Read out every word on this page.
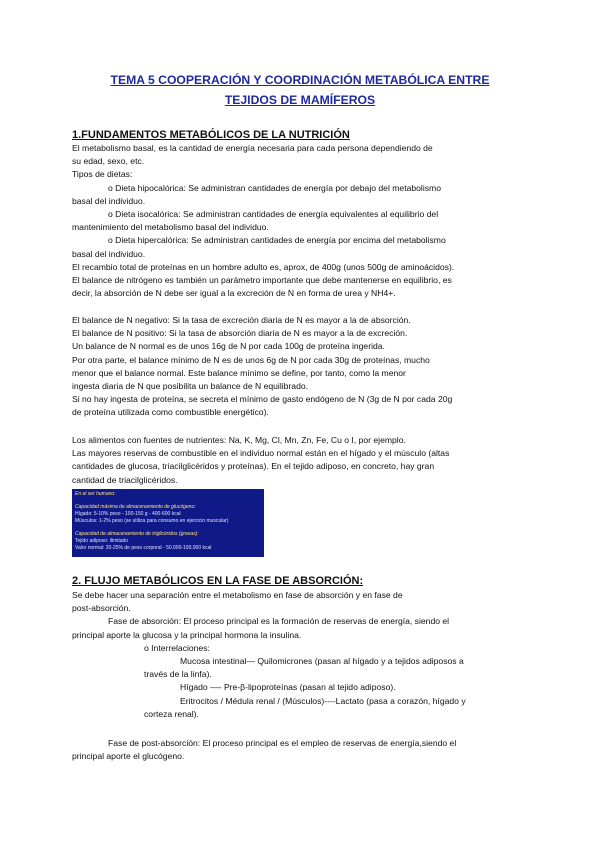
TEMA 5 COOPERACIÓN Y COORDINACIÓN METABÓLICA ENTRE
TEJIDOS DE MAMÍFEROS
1.FUNDAMENTOS METABÓLICOS DE LA NUTRICIÓN

El metabolismo basal, es la cantidad de energía necesaria para cada persona dependiendo de

su edad, sexo, etc.

Tipos de dietas:

o Dieta hipocalórica: Se administran cantidades de energía por debajo del metabolismo

basal del individuo.

o Dieta isocalórica: Se administran cantidades de energía equivalentes al equilibrio del

mantenimiento del metabolismo basal del individuo.

o Dieta hipercalórica: Se administran cantidades de energía por encima del metabolismo

basal del individuo.

El recambio total de proteínas en un hombre adulto es, aprox, de 400g (unos 500g de aminoácidos).

El balance de nitrógeno es también un parámetro importante que debe mantenerse en equilibrio, es

decir, la absorción de N debe ser igual a la excreción de N en forma de urea y NH4+.

El balance de N negativo: Si la tasa de excreción diaria de N es mayor a la de absorción.

El balance de N positivo: Si la tasa de absorción diaria de N es mayor a la de excreción.

Un balance de N normal es de unos 16g de N por cada 100g de proteína ingerida.

Por otra parte, el balance mínimo de N es de unos 6g de N por cada 30g de proteínas, mucho

menor que el balance normal. Este balance mínimo se define, por tanto, como la menor

ingesta diaria de N que posibilita un balance de N equilibrado.

Si no hay ingesta de proteína, se secreta el mínimo de gasto endógeno de N (3g de N por cada 20g

de proteína utilizada como combustible energético).

Los alimentos con fuentes de nutrientes: Na, K, Mg, Cl, Mn, Zn, Fe, Cu o I, por ejemplo.

Las mayores reservas de combustible en el individuo normal están en el hígado y el músculo (altas

cantidades de glucosa, triacilglicéridos y proteínas). En el tejido adiposo, en concreto, hay gran

cantidad de triacilglicéridos.

En el ser humano:

Capacidad máxima de almacenamiento de glucógeno:

Hígado: 5-10% peso - 100-150 g - 400-600 kcal

Músculos: 1-2% peso (se utiliza para consumo en ejercicio muscular)

Capacidad de almacenamiento de triglicéridos (grasas):

Tejido adiposo: ilimitado

Valor normal: 20-25% de peso corporal - 50.000-100.000 kcal

2. FLUJO METABÓLICOS EN LA FASE DE ABSORCIÓN:

Se debe hacer una separación entre el metabolismo en fase de absorción y en fase de

post-absorción.

Fase de absorción: El proceso principal es la formación de reservas de energía, siendo el

principal aporte la glucosa y la principal hormona la insulina.

o Interrelaciones:

Mucosa intestinal— Quilomicrones (pasan al hígado y a tejidos adiposos a

través de la linfa).

Hígado —- Pre-β-lipoproteínas (pasan al tejido adiposo).

Eritrocitos / Médula renal / (Músculos)----Lactato (pasa a corazón, hígado y

corteza renal).

Fase de post-absorción: El proceso principal es el empleo de reservas de energía,siendo el

principal aporte el glucógeno.
